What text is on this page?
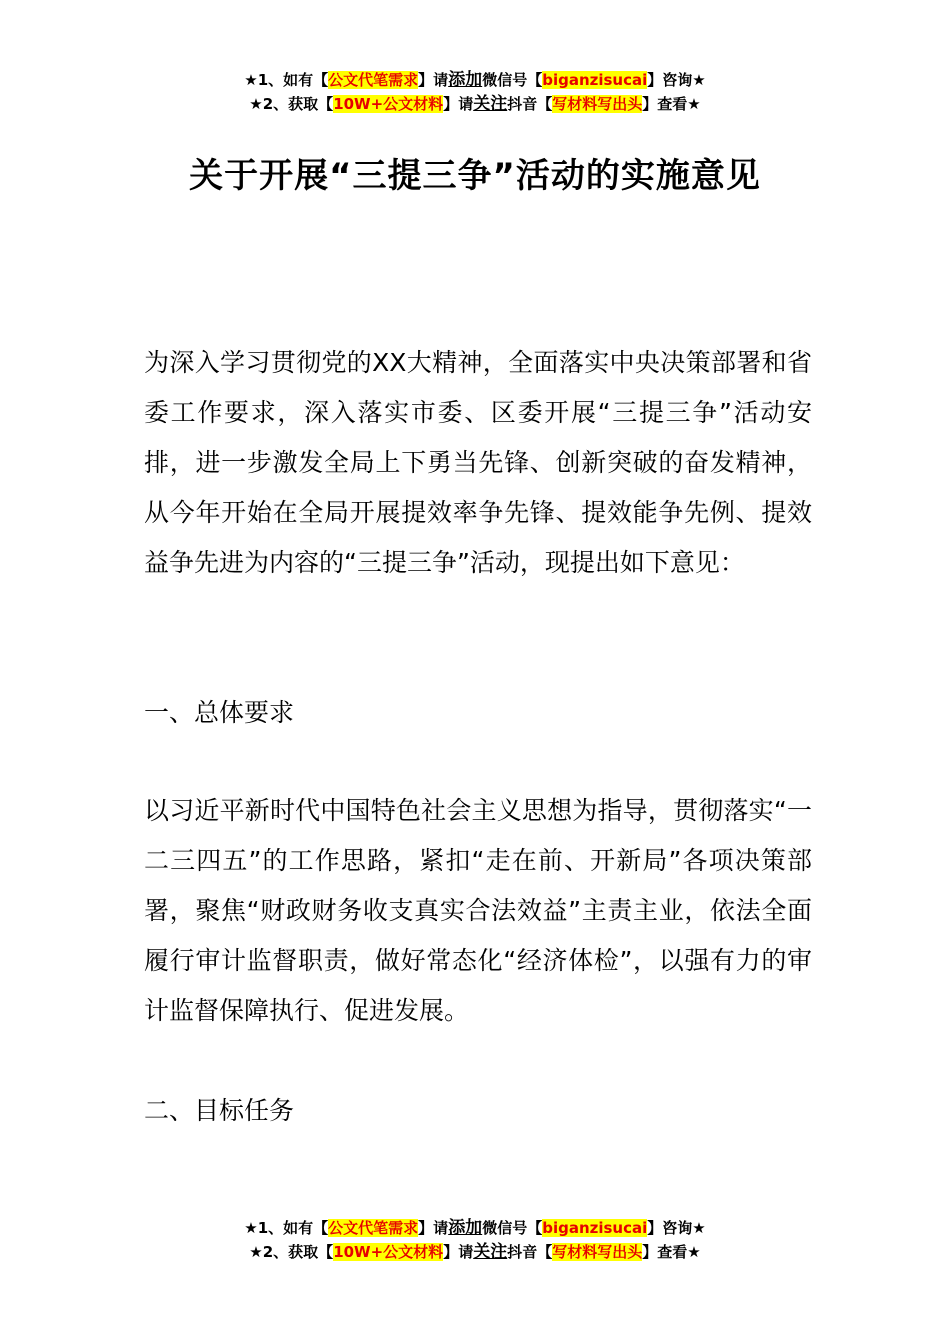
★1、如有【公文代笔需求】请添加微信号【biganzisucai】咨询★
★2、获取【10W+公文材料】请关注抖音【写材料写出头】查看★
关于开展“三提三争”活动的实施意见

为深入学习贯彻党的XX大精神，全面落实中央决策部署和省委工作要求，深入落实市委、区委开展“三提三争”活动安排，进一步激发全局上下勇当先锋、创新突破的奋发精神，从今年开始在全局开展提效率争先锋、提效能争先例、提效益争先进为内容的“三提三争”活动，现提出如下意见：

一、总体要求

以习近平新时代中国特色社会主义思想为指导，贯彻落实“一二三四五”的工作思路，紧扣“走在前、开新局”各项决策部署，聚焦“财政财务收支真实合法效益”主责主业，依法全面履行审计监督职责，做好常态化“经济体检”，以强有力的审计监督保障执行、促进发展。

二、目标任务

★1、如有【公文代笔需求】请添加微信号【biganzisucai】咨询★
★2、获取【10W+公文材料】请关注抖音【写材料写出头】查看★
